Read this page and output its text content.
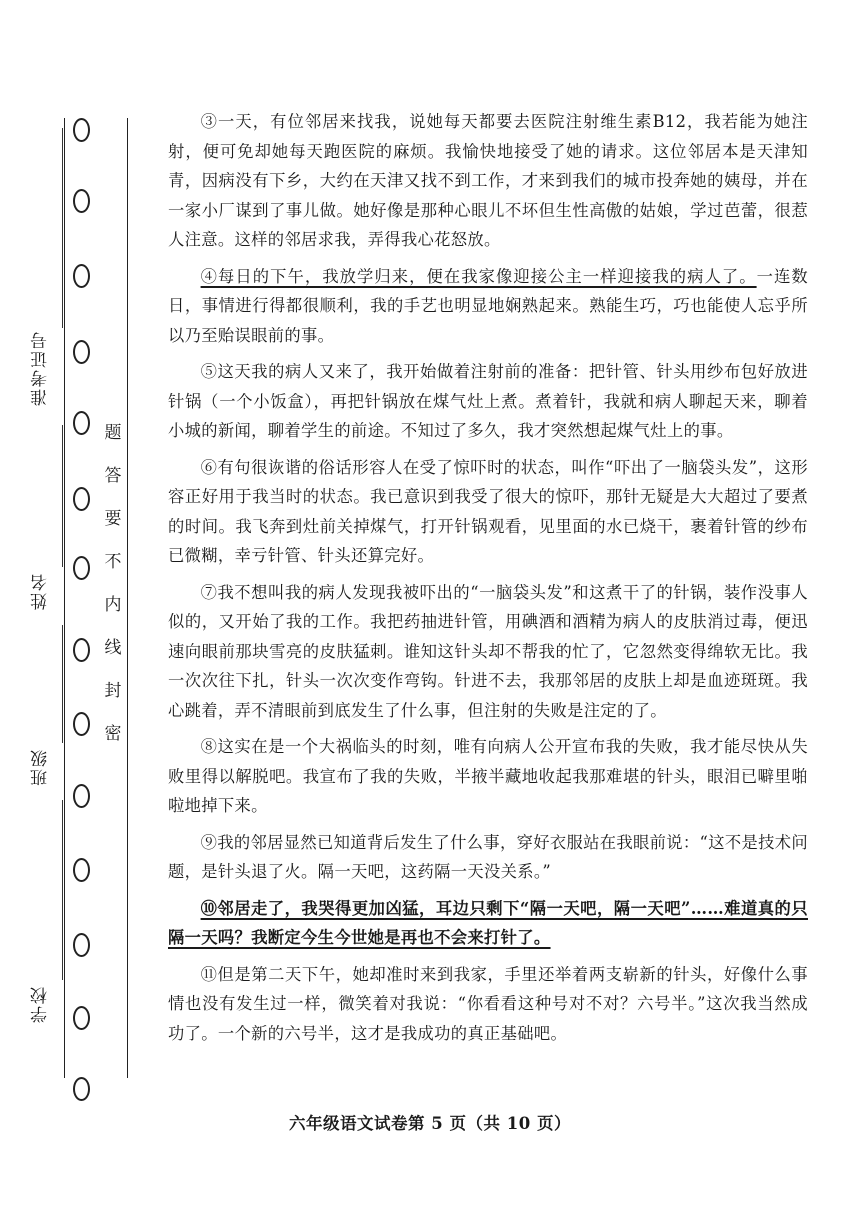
准考证号
姓名
班级
学校
密
封
线
内
不
要
答
题

③一天，有位邻居来找我，说她每天都要去医院注射维生素B12，我若能为她注射，便可免却她每天跑医院的麻烦。我愉快地接受了她的请求。这位邻居本是天津知青，因病没有下乡，大约在天津又找不到工作，才来到我们的城市投奔她的姨母，并在一家小厂谋到了事儿做。她好像是那种心眼儿不坏但生性高傲的姑娘，学过芭蕾，很惹人注意。这样的邻居求我，弄得我心花怒放。

④每日的下午，我放学归来，便在我家像迎接公主一样迎接我的病人了。一连数日，事情进行得都很顺利，我的手艺也明显地娴熟起来。熟能生巧，巧也能使人忘乎所以乃至贻误眼前的事。

⑤这天我的病人又来了，我开始做着注射前的准备：把针管、针头用纱布包好放进针锅（一个小饭盒），再把针锅放在煤气灶上煮。煮着针，我就和病人聊起天来，聊着小城的新闻，聊着学生的前途。不知过了多久，我才突然想起煤气灶上的事。

⑥有句很诙谐的俗话形容人在受了惊吓时的状态，叫作“吓出了一脑袋头发”，这形容正好用于我当时的状态。我已意识到我受了很大的惊吓，那针无疑是大大超过了要煮的时间。我飞奔到灶前关掉煤气，打开针锅观看，见里面的水已烧干，裹着针管的纱布已微糊，幸亏针管、针头还算完好。

⑦我不想叫我的病人发现我被吓出的“一脑袋头发”和这煮干了的针锅，装作没事人似的，又开始了我的工作。我把药抽进针管，用碘酒和酒精为病人的皮肤消过毒，便迅速向眼前那块雪亮的皮肤猛刺。谁知这针头却不帮我的忙了，它忽然变得绵软无比。我一次次往下扎，针头一次次变作弯钩。针进不去，我那邻居的皮肤上却是血迹斑斑。我心跳着，弄不清眼前到底发生了什么事，但注射的失败是注定的了。

⑧这实在是一个大祸临头的时刻，唯有向病人公开宣布我的失败，我才能尽快从失败里得以解脱吧。我宣布了我的失败，半掖半藏地收起我那难堪的针头，眼泪已噼里啪啦地掉下来。

⑨我的邻居显然已知道背后发生了什么事，穿好衣服站在我眼前说：“这不是技术问题，是针头退了火。隔一天吧，这药隔一天没关系。”

⑩邻居走了，我哭得更加凶猛，耳边只剩下“隔一天吧，隔一天吧”……难道真的只隔一天吗？我断定今生今世她是再也不会来打针了。

⑪但是第二天下午，她却准时来到我家，手里还举着两支崭新的针头，好像什么事情也没有发生过一样，微笑着对我说：“你看看这种号对不对？六号半。”这次我当然成功了。一个新的六号半，这才是我成功的真正基础吧。

六年级语文试卷第 5 页（共 10 页）
